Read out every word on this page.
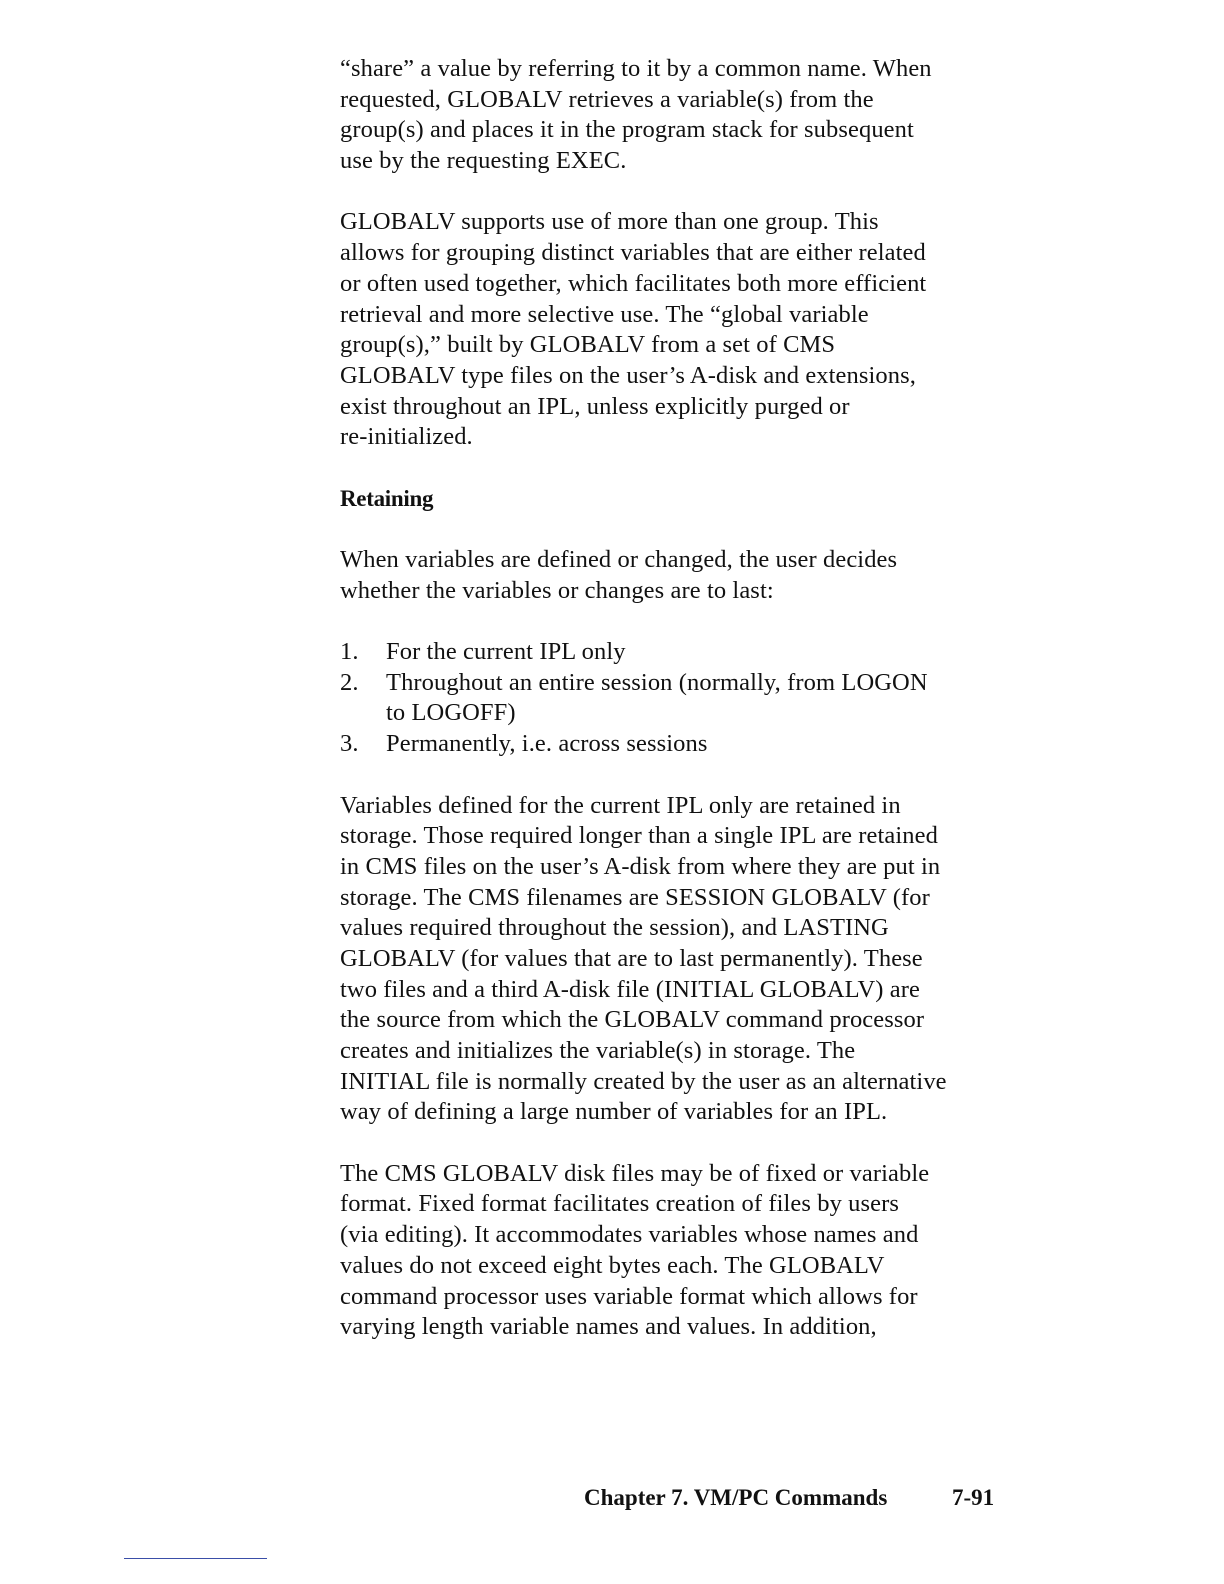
“share” a value by referring to it by a common name. When
requested, GLOBALV retrieves a variable(s) from the
group(s) and places it in the program stack for subsequent
use by the requesting EXEC.
GLOBALV supports use of more than one group. This
allows for grouping distinct variables that are either related
or often used together, which facilitates both more efficient
retrieval and more selective use. The “global variable
group(s),” built by GLOBALV from a set of CMS
GLOBALV type files on the user’s A-disk and extensions,
exist throughout an IPL, unless explicitly purged or
re-initialized.
Retaining
When variables are defined or changed, the user decides
whether the variables or changes are to last:
1.	For the current IPL only
2.	Throughout an entire session (normally, from LOGON
to LOGOFF)
3.	Permanently, i.e. across sessions
Variables defined for the current IPL only are retained in
storage. Those required longer than a single IPL are retained
in CMS files on the user’s A-disk from where they are put in
storage. The CMS filenames are SESSION GLOBALV (for
values required throughout the session), and LASTING
GLOBALV (for values that are to last permanently). These
two files and a third A-disk file (INITIAL GLOBALV) are
the source from which the GLOBALV command processor
creates and initializes the variable(s) in storage. The
INITIAL file is normally created by the user as an alternative
way of defining a large number of variables for an IPL.
The CMS GLOBALV disk files may be of fixed or variable
format. Fixed format facilitates creation of files by users
(via editing). It accommodates variables whose names and
values do not exceed eight bytes each. The GLOBALV
command processor uses variable format which allows for
varying length variable names and values. In addition,
Chapter 7. VM/PC Commands	7-91
